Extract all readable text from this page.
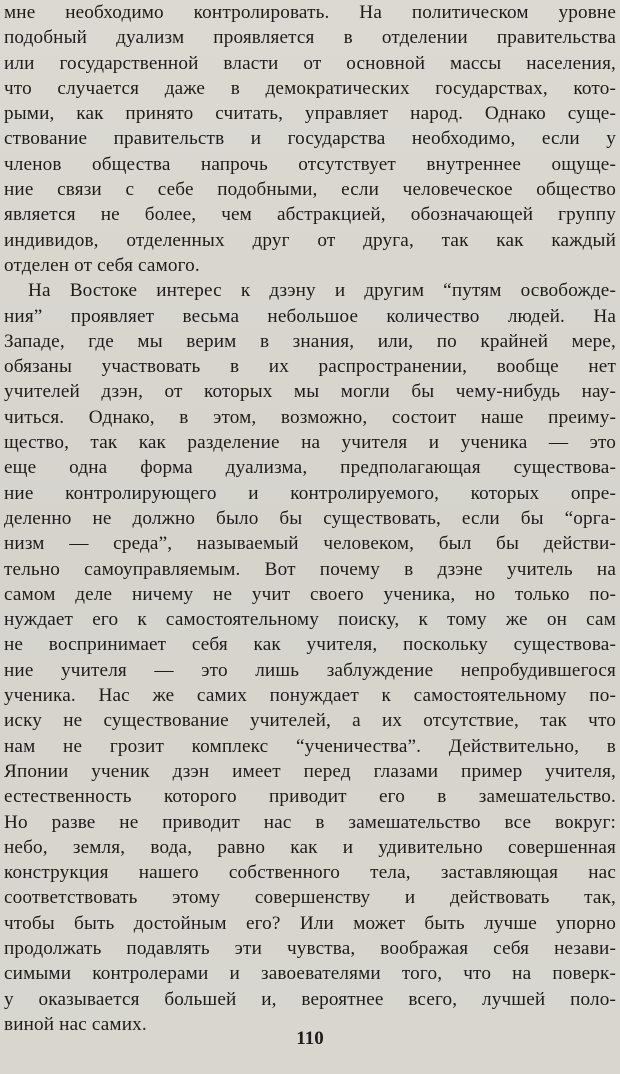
мне необходимо контролировать. На политическом уровне
подобный дуализм проявляется в отделении правительства
или государственной власти от основной массы населения,
что случается даже в демократических государствах, кото-
рыми, как принято считать, управляет народ. Однако суще-
ствование правительств и государства необходимо, если у
членов общества напрочь отсутствует внутреннее ощуще-
ние связи с себе подобными, если человеческое общество
является не более, чем абстракцией, обозначающей группу
индивидов, отделенных друг от друга, так как каждый
отделен от себя самого.
На Востоке интерес к дзэну и другим “путям освобожде-
ния” проявляет весьма небольшое количество людей. На
Западе, где мы верим в знания, или, по крайней мере,
обязаны участвовать в их распространении, вообще нет
учителей дзэн, от которых мы могли бы чему-нибудь нау-
читься. Однако, в этом, возможно, состоит наше преиму-
щество, так как разделение на учителя и ученика — это
еще одна форма дуализма, предполагающая существова-
ние контролирующего и контролируемого, которых опре-
деленно не должно было бы существовать, если бы “орга-
низм — среда”, называемый человеком, был бы действи-
тельно самоуправляемым. Вот почему в дзэне учитель на
самом деле ничему не учит своего ученика, но только по-
нуждает его к самостоятельному поиску, к тому же он сам
не воспринимает себя как учителя, поскольку существова-
ние учителя — это лишь заблуждение непробудившегося
ученика. Нас же самих понуждает к самостоятельному по-
иску не существование учителей, а их отсутствие, так что
нам не грозит комплекс “ученичества”. Действительно, в
Японии ученик дзэн имеет перед глазами пример учителя,
естественность которого приводит его в замешательство.
Но разве не приводит нас в замешательство все вокруг:
небо, земля, вода, равно как и удивительно совершенная
конструкция нашего собственного тела, заставляющая нас
соответствовать этому совершенству и действовать так,
чтобы быть достойным его? Или может быть лучше упорно
продолжать подавлять эти чувства, воображая себя незави-
симыми контролерами и завоевателями того, что на поверк-
у оказывается большей и, вероятнее всего, лучшей поло-
виной нас самих.
110
